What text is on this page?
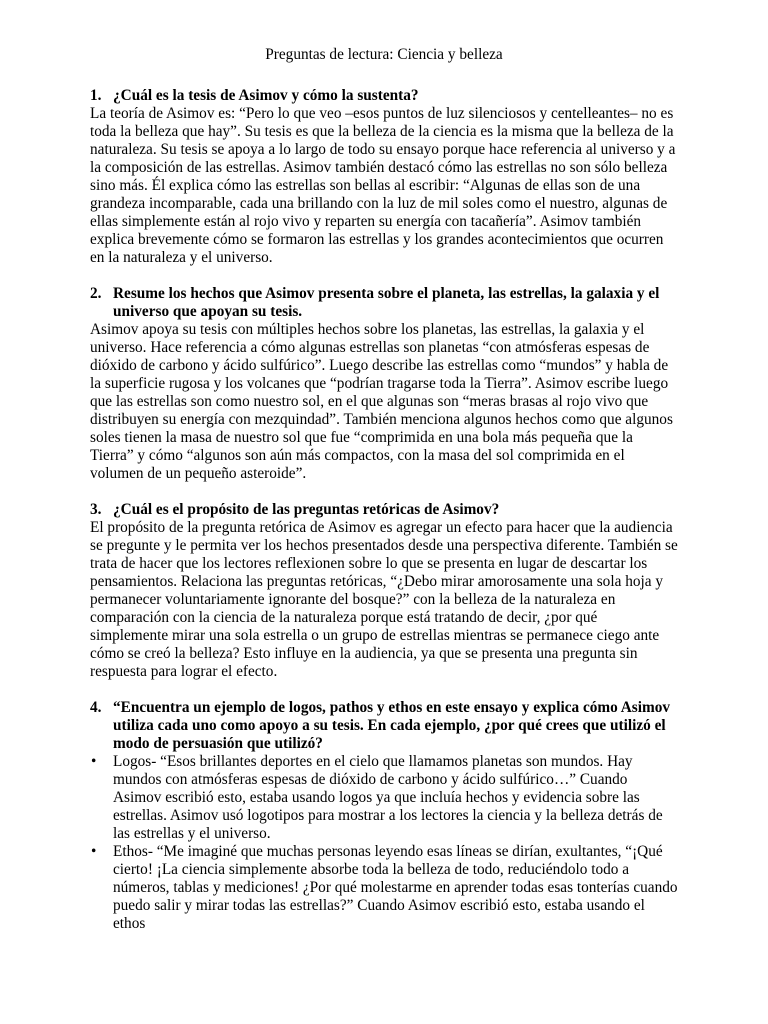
Preguntas de lectura: Ciencia y belleza

1. ¿Cuál es la tesis de Asimov y cómo la sustenta?

La teoría de Asimov es: “Pero lo que veo –esos puntos de luz silenciosos y centelleantes– no es toda la belleza que hay”. Su tesis es que la belleza de la ciencia es la misma que la belleza de la naturaleza. Su tesis se apoya a lo largo de todo su ensayo porque hace referencia al universo y a la composición de las estrellas. Asimov también destacó cómo las estrellas no son sólo belleza sino más. Él explica cómo las estrellas son bellas al escribir: “Algunas de ellas son de una grandeza incomparable, cada una brillando con la luz de mil soles como el nuestro, algunas de ellas simplemente están al rojo vivo y reparten su energía con tacañería”. Asimov también explica brevemente cómo se formaron las estrellas y los grandes acontecimientos que ocurren en la naturaleza y el universo.

2. Resume los hechos que Asimov presenta sobre el planeta, las estrellas, la galaxia y el universo que apoyan su tesis.

Asimov apoya su tesis con múltiples hechos sobre los planetas, las estrellas, la galaxia y el universo. Hace referencia a cómo algunas estrellas son planetas “con atmósferas espesas de dióxido de carbono y ácido sulfúrico”. Luego describe las estrellas como “mundos” y habla de la superficie rugosa y los volcanes que “podrían tragarse toda la Tierra”. Asimov escribe luego que las estrellas son como nuestro sol, en el que algunas son “meras brasas al rojo vivo que distribuyen su energía con mezquindad”. También menciona algunos hechos como que algunos soles tienen la masa de nuestro sol que fue “comprimida en una bola más pequeña que la Tierra” y cómo “algunos son aún más compactos, con la masa del sol comprimida en el volumen de un pequeño asteroide”.

3. ¿Cuál es el propósito de las preguntas retóricas de Asimov?

El propósito de la pregunta retórica de Asimov es agregar un efecto para hacer que la audiencia se pregunte y le permita ver los hechos presentados desde una perspectiva diferente. También se trata de hacer que los lectores reflexionen sobre lo que se presenta en lugar de descartar los pensamientos. Relaciona las preguntas retóricas, “¿Debo mirar amorosamente una sola hoja y permanecer voluntariamente ignorante del bosque?” con la belleza de la naturaleza en comparación con la ciencia de la naturaleza porque está tratando de decir, ¿por qué simplemente mirar una sola estrella o un grupo de estrellas mientras se permanece ciego ante cómo se creó la belleza? Esto influye en la audiencia, ya que se presenta una pregunta sin respuesta para lograr el efecto.

4. “Encuentra un ejemplo de logos, pathos y ethos en este ensayo y explica cómo Asimov utiliza cada uno como apoyo a su tesis. En cada ejemplo, ¿por qué crees que utilizó el modo de persuasión que utilizó?

• Logos- “Esos brillantes deportes en el cielo que llamamos planetas son mundos. Hay mundos con atmósferas espesas de dióxido de carbono y ácido sulfúrico…” Cuando Asimov escribió esto, estaba usando logos ya que incluía hechos y evidencia sobre las estrellas. Asimov usó logotipos para mostrar a los lectores la ciencia y la belleza detrás de las estrellas y el universo.
• Ethos- “Me imaginé que muchas personas leyendo esas líneas se dirían, exultantes, “¡Qué cierto! ¡La ciencia simplemente absorbe toda la belleza de todo, reduciéndolo todo a números, tablas y mediciones! ¿Por qué molestarme en aprender todas esas tonterías cuando puedo salir y mirar todas las estrellas?” Cuando Asimov escribió esto, estaba usando el ethos
